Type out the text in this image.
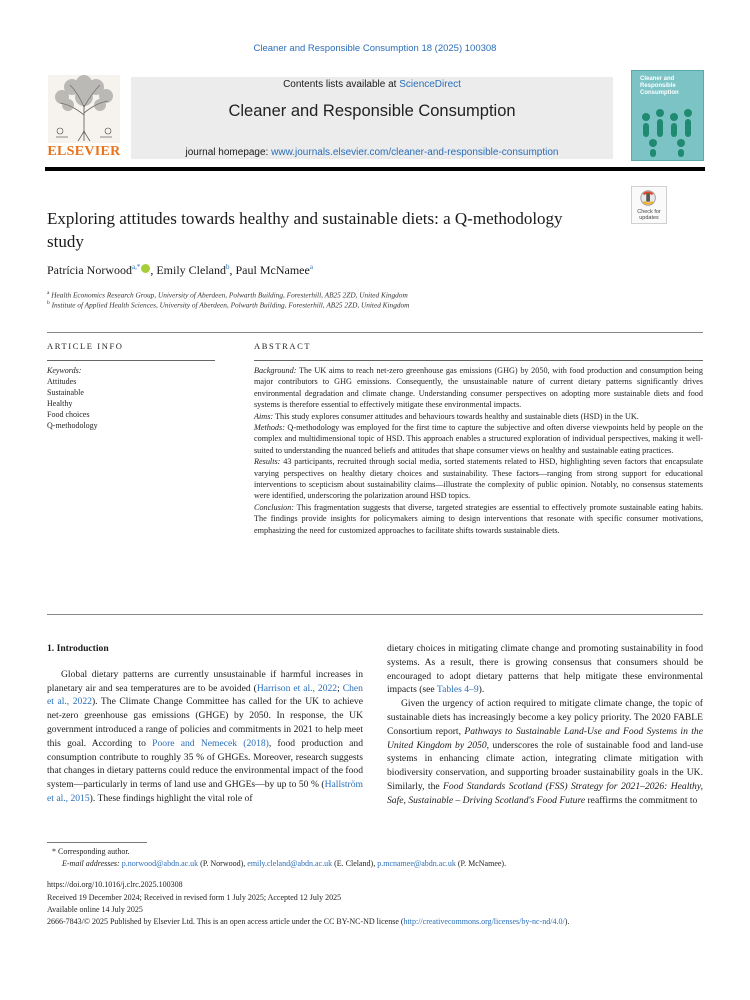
Cleaner and Responsible Consumption 18 (2025) 100308
ELSEVIER
Contents lists available at ScienceDirect
Cleaner and Responsible Consumption
journal homepage: www.journals.elsevier.com/cleaner-and-responsible-consumption
Cleaner and Responsible Consumption
Exploring attitudes towards healthy and sustainable diets: a Q-methodology study
Check for updates
Patrícia Norwood$^{a,*}$ , Emily Cleland$^b$, Paul McNamee$^a$
$^a$ Health Economics Research Group, University of Aberdeen, Polwarth Building, Foresterhill, AB25 2ZD, United Kingdom
$^b$ Institute of Applied Health Sciences, University of Aberdeen, Polwarth Building, Foresterhill, AB25 2ZD, United Kingdom
ARTICLE INFO	ABSTRACT
Keywords:
Attitudes
Sustainable
Healthy
Food choices
Q-methodology

Background: The UK aims to reach net-zero greenhouse gas emissions (GHG) by 2050, with food production and consumption being major contributors to GHG emissions. Consequently, the unsustainable nature of current dietary patterns significantly drives environmental degradation and climate change. Understanding consumer perspectives on adopting more sustainable diets and food systems is therefore essential to effectively mitigate these environmental impacts.

Aims: This study explores consumer attitudes and behaviours towards healthy and sustainable diets (HSD) in the UK.

Methods: Q-methodology was employed for the first time to capture the subjective and often diverse viewpoints held by people on the complex and multidimensional topic of HSD. This approach enables a structured exploration of individual perspectives, making it well-suited to understanding the nuanced beliefs and attitudes that shape consumer views on healthy and sustainable eating practices.

Results: 43 participants, recruited through social media, sorted statements related to HSD, highlighting seven factors that encapsulate varying perspectives on healthy dietary choices and sustainability. These factors—ranging from strong support for educational interventions to scepticism about sustainability claims—illustrate the complexity of public opinion. Notably, no consensus statements were identified, underscoring the polarization around HSD topics.

Conclusion: This fragmentation suggests that diverse, targeted strategies are essential to effectively promote sustainable eating habits. The findings provide insights for policymakers aiming to design interventions that resonate with specific consumer motivations, emphasizing the need for customized approaches to facilitate shifts towards sustainable diets.

1. Introduction

Global dietary patterns are currently unsustainable if harmful increases in planetary air and sea temperatures are to be avoided (Harrison et al., 2022; Chen et al., 2022). The Climate Change Committee has called for the UK to achieve net-zero greenhouse gas emissions (GHGE) by 2050. In response, the UK government introduced a range of policies and commitments in 2021 to help meet this goal. According to Poore and Nemecek (2018), food production and consumption contribute to roughly 35 % of GHGEs. Moreover, research suggests that changes in dietary patterns could reduce the environmental impact of the food system—particularly in terms of land use and GHGEs—by up to 50 % (Hallström et al., 2015). These findings highlight the vital role of

dietary choices in mitigating climate change and promoting sustainability in food systems. As a result, there is growing consensus that consumers should be encouraged to adopt dietary patterns that help mitigate these environmental impacts (see Tables 4–9).

Given the urgency of action required to mitigate climate change, the topic of sustainable diets has increasingly become a key policy priority. The 2020 FABLE Consortium report, Pathways to Sustainable Land-Use and Food Systems in the United Kingdom by 2050, underscores the role of sustainable food and land-use systems in enhancing climate action, integrating climate mitigation with biodiversity conservation, and supporting broader sustainability goals in the UK. Similarly, the Food Standards Scotland (FSS) Strategy for 2021–2026: Healthy, Safe, Sustainable – Driving Scotland's Food Future reaffirms the commitment to

* Corresponding author.
E-mail addresses: p.norwood@abdn.ac.uk (P. Norwood), emily.cleland@abdn.ac.uk (E. Cleland), p.mcnamee@abdn.ac.uk (P. McNamee).
https://doi.org/10.1016/j.clrc.2025.100308
Received 19 December 2024; Received in revised form 1 July 2025; Accepted 12 July 2025
Available online 14 July 2025
2666-7843/© 2025 Published by Elsevier Ltd. This is an open access article under the CC BY-NC-ND license (http://creativecommons.org/licenses/by-nc-nd/4.0/).
